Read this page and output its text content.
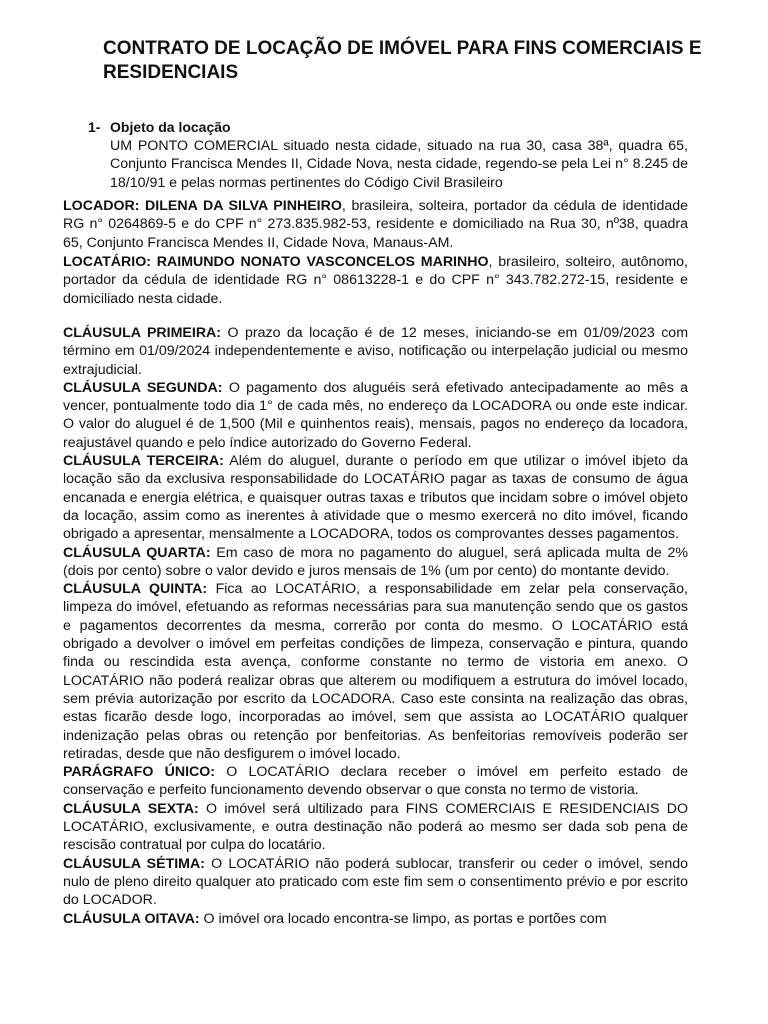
CONTRATO DE LOCAÇÃO DE IMÓVEL PARA FINS COMERCIAIS E RESIDENCIAIS
1- Objeto da locação

UM PONTO COMERCIAL situado nesta cidade, situado na rua 30, casa 38ª, quadra 65, Conjunto Francisca Mendes II, Cidade Nova, nesta cidade, regendo-se pela Lei n° 8.245 de 18/10/91 e pelas normas pertinentes do Código Civil Brasileiro

LOCADOR: DILENA DA SILVA PINHEIRO, brasileira, solteira, portador da cédula de identidade RG n° 0264869-5 e do CPF n° 273.835.982-53, residente e domiciliado na Rua 30, nº38, quadra 65, Conjunto Francisca Mendes II, Cidade Nova, Manaus-AM.

LOCATÁRIO: RAIMUNDO NONATO VASCONCELOS MARINHO, brasileiro, solteiro, autônomo, portador da cédula de identidade RG n° 08613228-1 e do CPF n° 343.782.272-15, residente e domiciliado nesta cidade.

CLÁUSULA PRIMEIRA: O prazo da locação é de 12 meses, iniciando-se em 01/09/2023 com término em 01/09/2024 independentemente e aviso, notificação ou interpelação judicial ou mesmo extrajudicial.

CLÁUSULA SEGUNDA: O pagamento dos aluguéis será efetivado antecipadamente ao mês a vencer, pontualmente todo dia 1° de cada mês, no endereço da LOCADORA ou onde este indicar. O valor do aluguel é de 1,500 (Mil e quinhentos reais), mensais, pagos no endereço da locadora, reajustável quando e pelo índice autorizado do Governo Federal.

CLÁUSULA TERCEIRA: Além do aluguel, durante o período em que utilizar o imóvel ibjeto da locação são da exclusiva responsabilidade do LOCATÁRIO pagar as taxas de consumo de água encanada e energia elétrica, e quaisquer outras taxas e tributos que incidam sobre o imóvel objeto da locação, assim como as inerentes à atividade que o mesmo exercerá no dito imóvel, ficando obrigado a apresentar, mensalmente a LOCADORA, todos os comprovantes desses pagamentos.

CLÁUSULA QUARTA: Em caso de mora no pagamento do aluguel, será aplicada multa de 2% (dois por cento) sobre o valor devido e juros mensais de 1% (um por cento) do montante devido.

CLÁUSULA QUINTA: Fica ao LOCATÁRIO, a responsabilidade em zelar pela conservação, limpeza do imóvel, efetuando as reformas necessárias para sua manutenção sendo que os gastos e pagamentos decorrentes da mesma, correrão por conta do mesmo. O LOCATÁRIO está obrigado a devolver o imóvel em perfeitas condições de limpeza, conservação e pintura, quando finda ou rescindida esta avença, conforme constante no termo de vistoria em anexo. O LOCATÁRIO não poderá realizar obras que alterem ou modifiquem a estrutura do imóvel locado, sem prévia autorização por escrito da LOCADORA. Caso este consinta na realização das obras, estas ficarão desde logo, incorporadas ao imóvel, sem que assista ao LOCATÁRIO qualquer indenização pelas obras ou retenção por benfeitorias. As benfeitorias removíveis poderão ser retiradas, desde que não desfigurem o imóvel locado.

PARÁGRAFO ÚNICO: O LOCATÁRIO declara receber o imóvel em perfeito estado de conservação e perfeito funcionamento devendo observar o que consta no termo de vistoria.

CLÁUSULA SEXTA: O imóvel será ultilizado para FINS COMERCIAIS E RESIDENCIAIS DO LOCATÁRIO, exclusivamente, e outra destinação não poderá ao mesmo ser dada sob pena de rescisão contratual por culpa do locatário.

CLÁUSULA SÉTIMA: O LOCATÁRIO não poderá sublocar, transferir ou ceder o imóvel, sendo nulo de pleno direito qualquer ato praticado com este fim sem o consentimento prévio e por escrito do LOCADOR.

CLÁUSULA OITAVA: O imóvel ora locado encontra-se limpo, as portas e portões com
